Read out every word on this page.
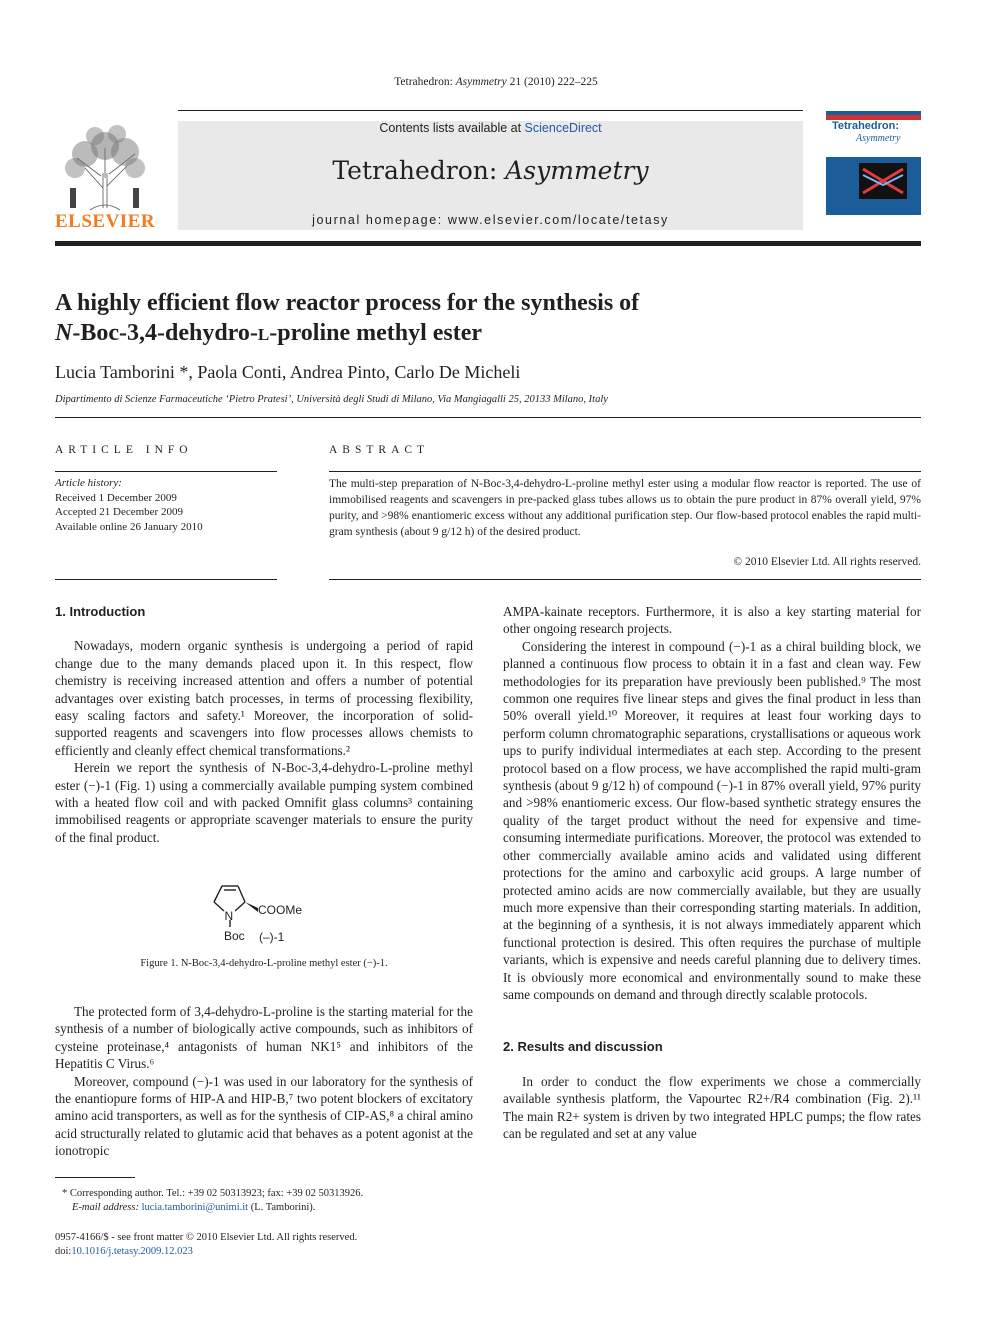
Tetrahedron: Asymmetry 21 (2010) 222–225
ELSEVIER
Contents lists available at ScienceDirect
Tetrahedron: Asymmetry
journal homepage: www.elsevier.com/locate/tetasy
Tetrahedron:
Asymmetry
A highly efficient flow reactor process for the synthesis of
N-Boc-3,4-dehydro-l-proline methyl ester
Lucia Tamborini *, Paola Conti, Andrea Pinto, Carlo De Micheli
Dipartimento di Scienze Farmaceutiche ‘Pietro Pratesi’, Università degli Studi di Milano, Via Mangiagalli 25, 20133 Milano, Italy
ARTICLE INFO
Article history:
Received 1 December 2009
Accepted 21 December 2009
Available online 26 January 2010
ABSTRACT
The multi-step preparation of N-Boc-3,4-dehydro-L-proline methyl ester using a modular flow reactor is reported. The use of immobilised reagents and scavengers in pre-packed glass tubes allows us to obtain the pure product in 87% overall yield, 97% purity, and >98% enantiomeric excess without any additional purification step. Our flow-based protocol enables the rapid multi-gram synthesis (about 9 g/12 h) of the desired product.
© 2010 Elsevier Ltd. All rights reserved.

1. Introduction

Nowadays, modern organic synthesis is undergoing a period of rapid change due to the many demands placed upon it. In this respect, flow chemistry is receiving increased attention and offers a number of potential advantages over existing batch processes, in terms of processing flexibility, easy scaling factors and safety.¹ Moreover, the incorporation of solid-supported reagents and scavengers into flow processes allows chemists to efficiently and cleanly effect chemical transformations.²

Herein we report the synthesis of N-Boc-3,4-dehydro-L-proline methyl ester (−)-1 (Fig. 1) using a commercially available pumping system combined with a heated flow coil and with packed Omnifit glass columns³ containing immobilised reagents or appropriate scavenger materials to ensure the purity of the final product.

N COOMe
Boc (–)-1
Figure 1. N-Boc-3,4-dehydro-L-proline methyl ester (−)-1.

The protected form of 3,4-dehydro-L-proline is the starting material for the synthesis of a number of biologically active compounds, such as inhibitors of cysteine proteinase,⁴ antagonists of human NK1⁵ and inhibitors of the Hepatitis C Virus.⁶

Moreover, compound (−)-1 was used in our laboratory for the synthesis of the enantiopure forms of HIP-A and HIP-B,⁷ two potent blockers of excitatory amino acid transporters, as well as for the synthesis of CIP-AS,⁸ a chiral amino acid structurally related to glutamic acid that behaves as a potent agonist at the ionotropic

AMPA-kainate receptors. Furthermore, it is also a key starting material for other ongoing research projects.

Considering the interest in compound (−)-1 as a chiral building block, we planned a continuous flow process to obtain it in a fast and clean way. Few methodologies for its preparation have previously been published.⁹ The most common one requires five linear steps and gives the final product in less than 50% overall yield.¹⁰ Moreover, it requires at least four working days to perform column chromatographic separations, crystallisations or aqueous work ups to purify individual intermediates at each step. According to the present protocol based on a flow process, we have accomplished the rapid multi-gram synthesis (about 9 g/12 h) of compound (−)-1 in 87% overall yield, 97% purity and >98% enantiomeric excess. Our flow-based synthetic strategy ensures the quality of the target product without the need for expensive and time-consuming intermediate purifications. Moreover, the protocol was extended to other commercially available amino acids and validated using different protections for the amino and carboxylic acid groups. A large number of protected amino acids are now commercially available, but they are usually much more expensive than their corresponding starting materials. In addition, at the beginning of a synthesis, it is not always immediately apparent which functional protection is desired. This often requires the purchase of multiple variants, which is expensive and needs careful planning due to delivery times. It is obviously more economical and environmentally sound to make these same compounds on demand and through directly scalable protocols.

2. Results and discussion

In order to conduct the flow experiments we chose a commercially available synthesis platform, the Vapourtec R2+/R4 combination (Fig. 2).¹¹ The main R2+ system is driven by two integrated HPLC pumps; the flow rates can be regulated and set at any value

* Corresponding author. Tel.: +39 02 50313923; fax: +39 02 50313926.
E-mail address: lucia.tamborini@unimi.it (L. Tamborini).
0957-4166/$ - see front matter © 2010 Elsevier Ltd. All rights reserved.
doi:10.1016/j.tetasy.2009.12.023
